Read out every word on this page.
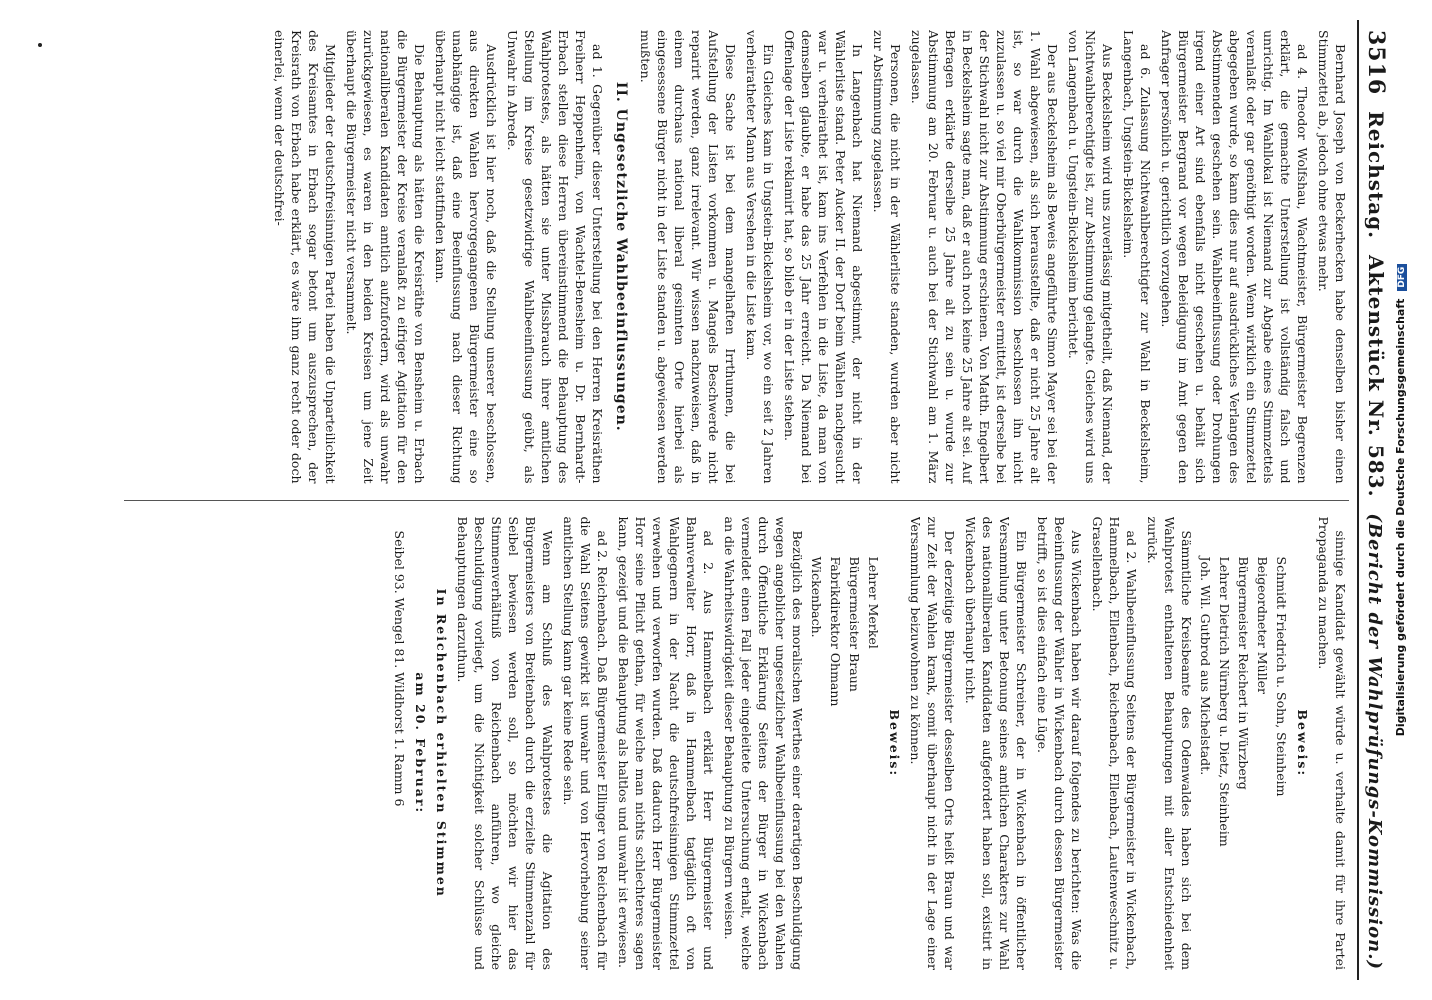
3516
Reichstag.
Aktenstück Nr. 583.
(Bericht der Wahlprüfungs-Kommission.)

Bernhard Joseph von Beckerhecken habe denselben bisher einen Stimmzettel ab, jedoch ohne etwas mehr.

ad 4. Theodor Wolfshau, Wachtmeister, Bürgermeister Begrenzen erklärt, die gemachte Unterstellung ist vollständig falsch und unrichtig. Im Wahllokal ist Niemand zur Abgabe eines Stimmzettels veranlaßt oder gar genöthigt worden. Wenn wirklich ein Stimmzettel abgegeben wurde, so kann dies nur auf ausdrückliches Verlangen des Abstimmenden geschehen sein. Wahlbeeinflussung oder Drohungen irgend einer Art sind ebenfalls nicht geschehen u. behält sich Bürgermeister Bergrand vor wegen Beleidigung im Amt gegen den Anfrager persönlich u. gerichtlich vorzugehen.

ad 6. Zulassung Nichtwahlberechtigter zur Wahl in Beckelsheim, Langenbach, Ungstein-Bickelsheim.

Aus Beckelsheim wird uns zuverlässig mitgetheilt, daß Niemand, der Nichtwahlberechtigte ist, zur Abstimmung gelangte. Gleiches wird uns von Langenbach u. Ungstein-Bickelsheim berichtet.

Der aus Beckelsheim als Beweis angeführte Simon Mayer sei bei der 1. Wahl abgewiesen, als sich herausstellte, daß er nicht 25 Jahre alt ist, so war durch die Wahlkommission beschlossen ihn nicht zuzulassen u. so viel mir Oberbürgermeister ermittelt, ist derselbe bei der Stichwahl nicht zur Abstimmung erschienen. Von Matth. Engelbert in Beckelsheim sagte man, daß er auch noch keine 25 Jahre alt sei. Auf Befragen erklärte derselbe 25 Jahre alt zu sein u. wurde zur Abstimmung am 20. Februar u. auch bei der Stichwahl am 1. März zugelassen.

Personen, die nicht in der Wählerliste standen, wurden aber nicht zur Abstimmung zugelassen.

In Langenbach hat Niemand abgestimmt, der nicht in der Wählerliste stand. Peter Aucker II. der Dorf beim Wählen nachgesucht war u. verheirathet ist, kam ins Verfehlen in die Liste, da man von demselben glaubte, er habe das 25 Jahr erreicht. Da Niemand bei Offenlage der Liste reklamirt hat, so blieb er in der Liste stehen.

Ein Gleiches kam in Ungstein-Bickelsheim vor, wo ein seit 2 Jahren verheiratheter Mann aus Versehen in die Liste kam.

Diese Sache ist bei dem mangelhaften Irrthumen, die bei Aufstellung der Listen vorkommen u. Mangels Beschwerde nicht reparirt werden, ganz irrelevant. Wir wissen nachzuweisen, daß in einem durchaus national liberal gesinnten Orte hierbei als eingesessene Bürger nicht in der Liste standen u. abgewiesen werden mußten.

II. Ungesetzliche Wahlbeeinflussungen.

ad 1. Gegenüber dieser Unterstellung bei den Herren Kreisräthen Freiherr Heppenheim, von Wachtel-Benesheim u. Dr. Bernhardt-Erbach stellen diese Herren übereinstimmend die Behauptung des Wahlprotestes, als hätten sie unter Missbrauch ihrer amtlichen Stellung im Kreise gesetzwidrige Wahlbeeinflussung geübt, als Unwahr in Abrede.

Ausdrücklich ist hier noch, daß die Stellung unserer beschlossen, aus direkten Wahlen hervorgegangenen Bürgermeister eine so unabhängige ist, daß eine Beeinflussung nach dieser Richtung überhaupt nicht leicht stattfinden kann.

Die Behauptung als hätten die Kreisräthe von Bensheim u. Erbach die Bürgermeister der Kreise veranlaßt zu eifriger Agitation für den nationalliberalen Kandidaten amtlich aufzufordern, wird als unwahr zurückgewiesen, es waren in den beiden Kreisen um jene Zeit überhaupt die Bürgermeister nicht versammelt.

Mitglieder der deutschfreisinnigen Partei haben die Unparteilichkeit des Kreisamtes in Erbach sogar betont um auszusprechen, der Kreisrath von Erbach habe erklärt, es wäre ihm ganz recht oder doch einerlei, wenn der deutschfrei-

sinnige Kandidat gewählt würde u. verhalte damit für ihre Partei Propaganda zu machen.

Beweis:

Schmidt Friedrich u. Sohn, Steinheim

Beigeordneter Müller

Bürgermeister Reichert in Würzberg

Lehrer Dietrich Nürnberg u. Dietz, Steinheim

Joh. Wil. Gutbrod aus Michelstadt.

Sämmtliche Kreisbeamte des Odenwaldes haben sich bei dem Wahlprotest enthaltenen Behauptungen mit aller Entschiedenheit zurück.

ad 2. Wahlbeeinflussung Seitens der Bürgermeister in Wickenbach, Hammelbach, Ellenbach, Reichenbach, Ellenbach, Lautenweschnitz u. Grasellenbach.

Aus Wickenbach haben wir darauf folgendes zu berichten: Was die Beeinflussung der Wähler in Wickenbach durch dessen Bürgermeister betrifft, so ist dies einfach eine Lüge.

Ein Bürgermeister Schreiner, der in Wickenbach in öffentlicher Versammlung unter Betonung seines amtlichen Charakters zur Wahl des nationalliberalen Kandidaten aufgefordert haben soll, existirt in Wickenbach überhaupt nicht.

Der derzeitige Bürgermeister desselben Orts heißt Braun und war zur Zeit der Wahlen krank, somit überhaupt nicht in der Lage einer Versammlung beizuwohnen zu können.

Beweis:

Lehrer Merkel

Bürgermeister Braun

Fabrikdirektor Ohmann

Wickenbach.

Bezüglich des moralischen Werthes einer derartigen Beschuldigung wegen angeblicher ungesetzlicher Wahlbeeinflussung bei den Wahlen durch Öffentliche Erklärung Seitens der Bürger in Wickenbach vermeldet einen Fall jeder eingeleitete Untersuchung erhalt, welche an die Wahrheitswidrigkeit dieser Behauptung zu Bürgern weisen.

ad 2. Aus Hammelbach erklärt Herr Bürgermeister und Bahnverwalter Horr, daß in Hammelbach tagtäglich oft von Wahlgegnern in der Nacht die deutschfreisinnigen Stimmzettel verwehen und verworfen wurden. Daß dadurch Herr Bürgermeister Horr seine Pflicht gethan, für welche man nichts schlechteres sagen kann, gezeigt und die Behauptung als haltlos und unwahr ist erwiesen.

ad 2. Reichenbach. Daß Bürgermeister Ellinger von Reichenbach für die Wahl Seitens gewirkt ist unwahr und von Hervorhebung seiner amtlichen Stellung kann gar keine Rede sein.

Wenn am Schluß des Wahlprotestes die Agitation des Bürgermeisters von Breitenbach durch die erzielte Stimmenzahl für Seibel bewiesen werden soll, so möchten wir hier das Stimmenverhältniß von Reichenbach anführen, wo gleiche Beschuldigung vorliegt, um die Nichtigkeit solcher Schlüsse und Behauptungen darzuthun.

In Reichenbach erhielten Stimmen

am 20. Februar:

Seibel 93. Wengel 81. Wildhorst 1. Ramm 6	Digitalisierung gefördert durch die Deutsche Forschungsgemeinschaft DFG
